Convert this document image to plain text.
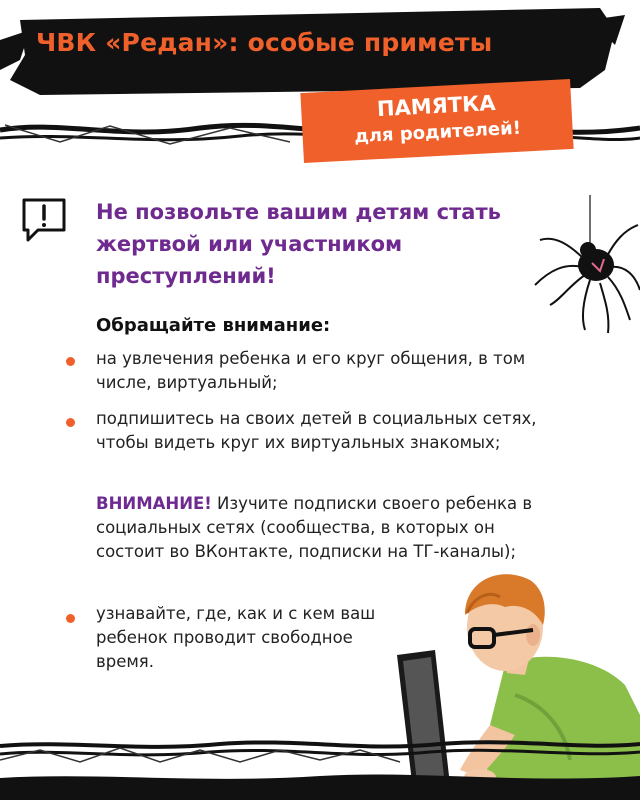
ЧВК «Редан»: особые приметы
ПАМЯТКА
для родителей!
Не позвольте вашим детям стать жертвой или участником преступлений!
Обращайте внимание:
на увлечения ребенка и его круг общения, в том числе, виртуальный;
подпишитесь на своих детей в социальных сетях, чтобы видеть круг их виртуальных знакомых;
ВНИМАНИЕ! Изучите подписки своего ребенка в социальных сетях (сообщества, в которых он состоит во ВКонтакте, подписки на ТГ-каналы);
узнавайте, где, как и с кем ваш ребенок проводит свободное время.
